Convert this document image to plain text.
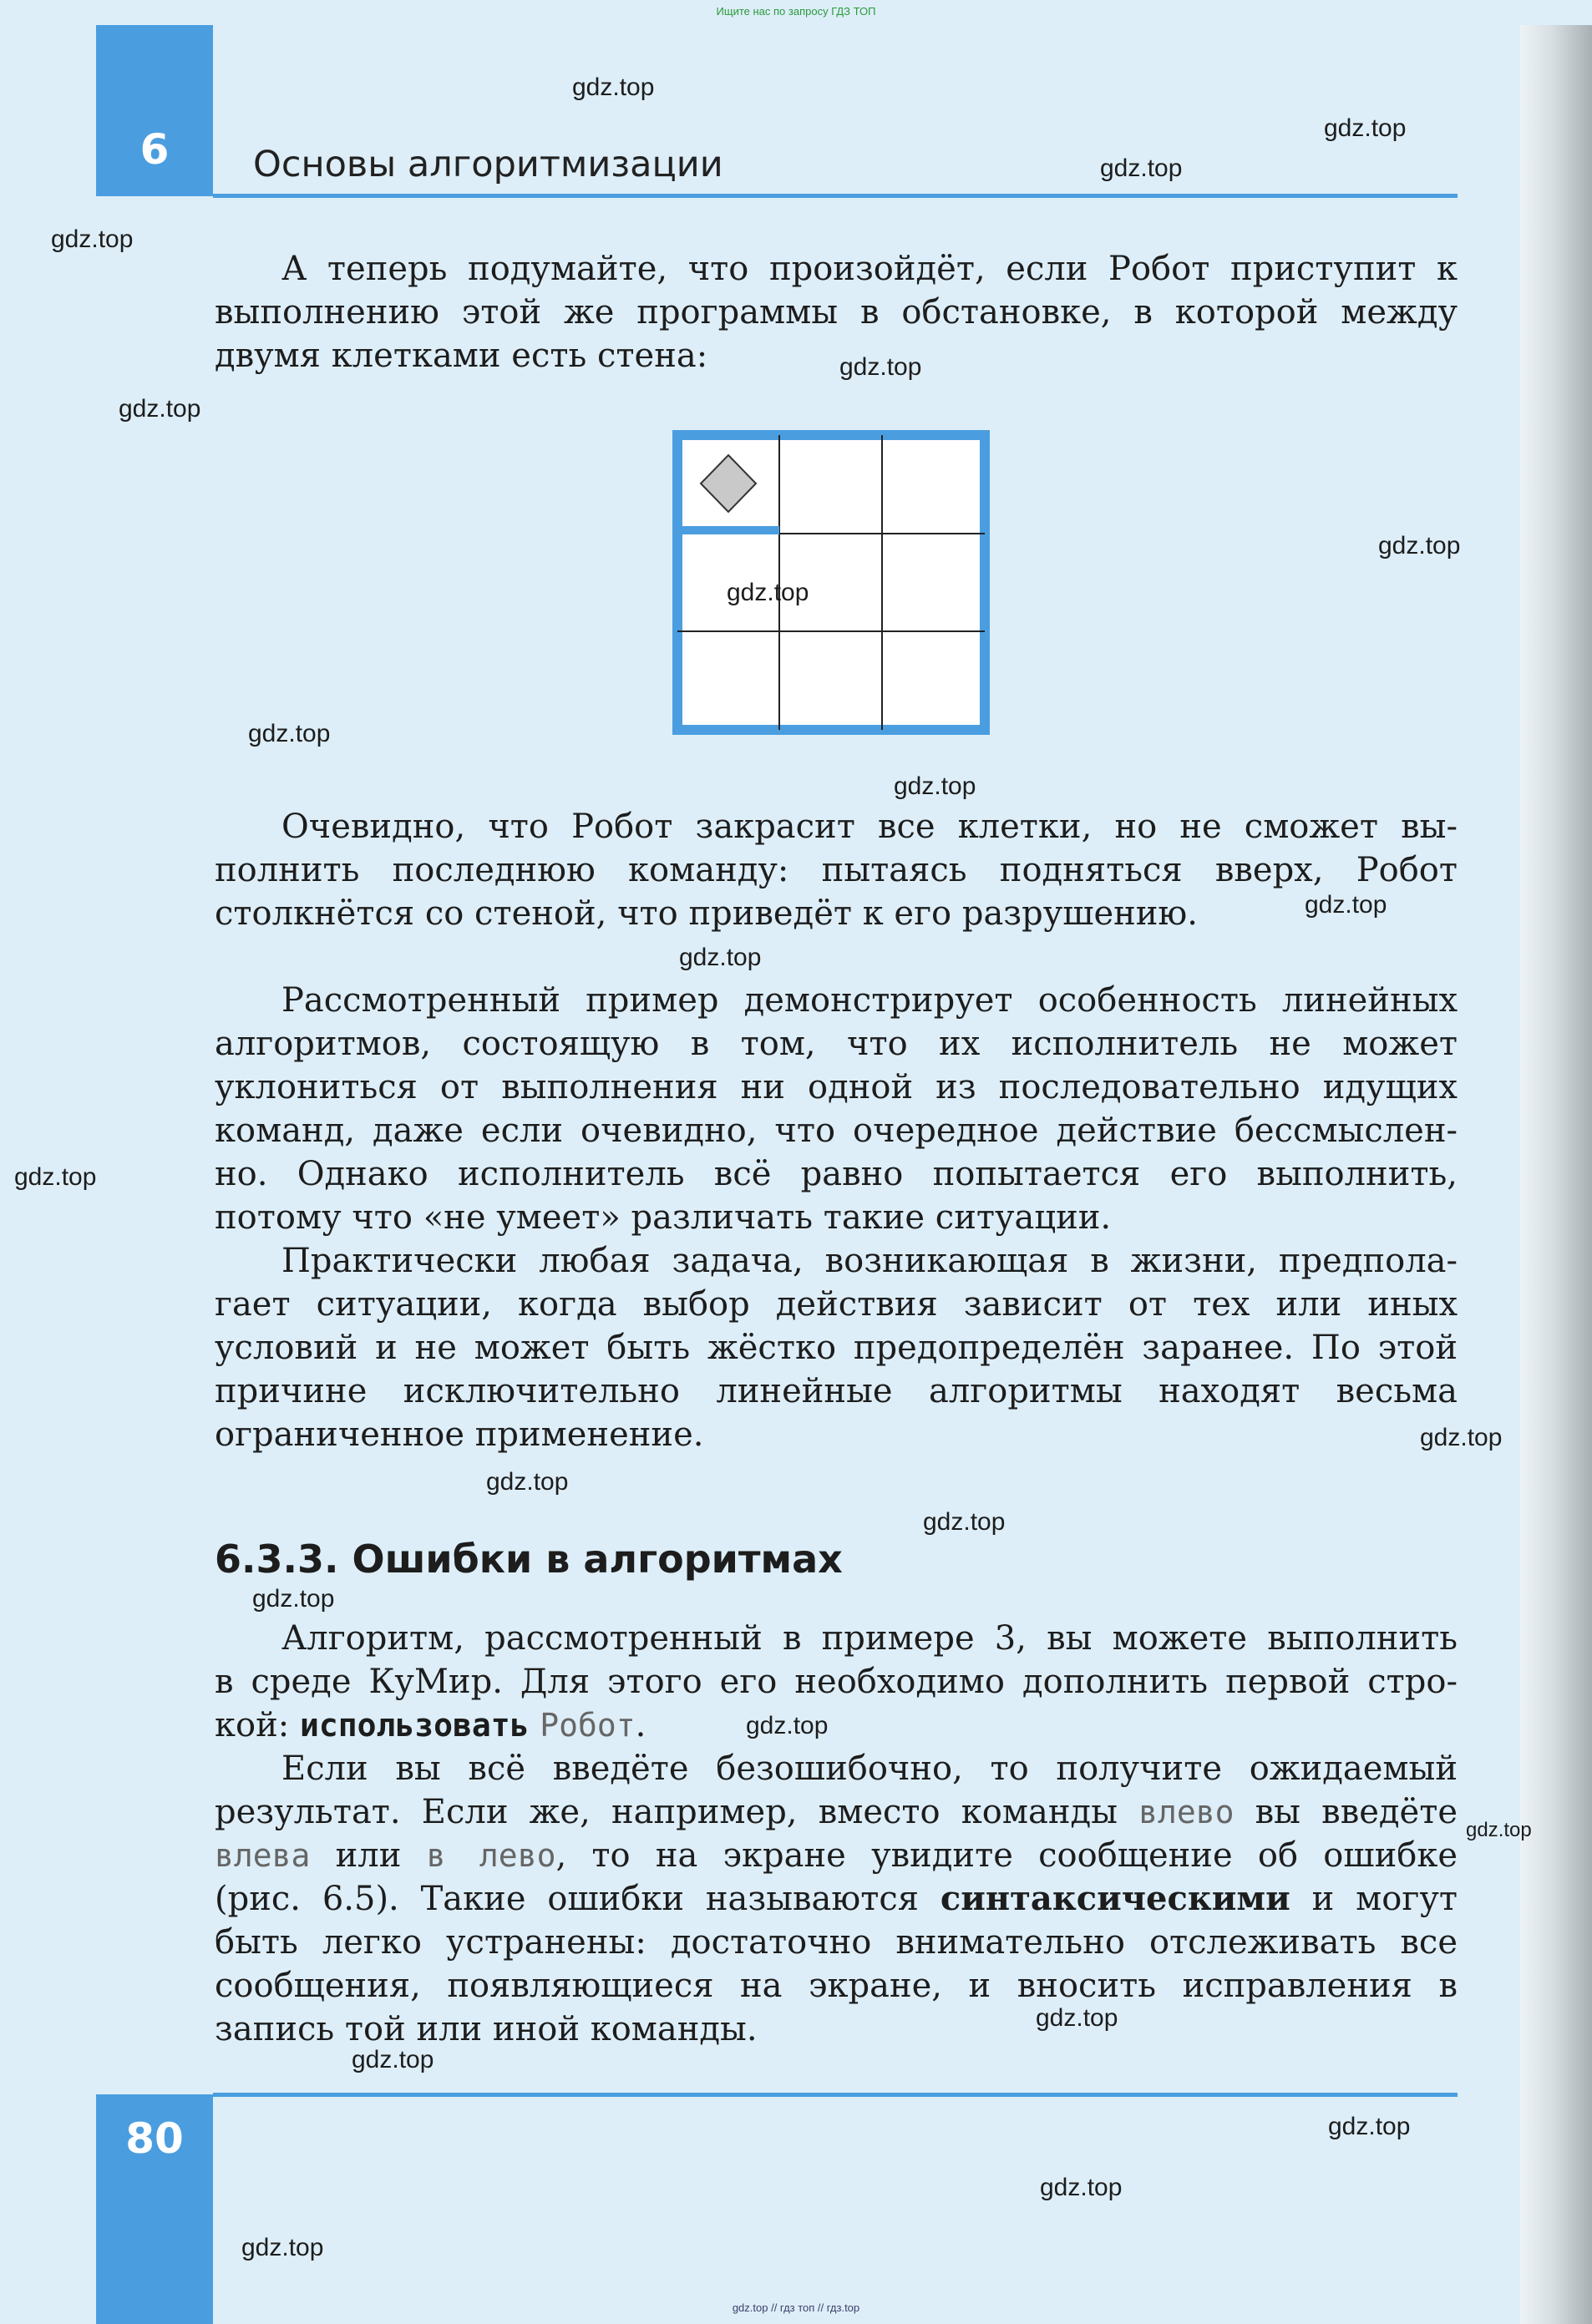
Ищите нас по запросу ГДЗ ТОП
6	Основы алгоритмизации
А теперь подумайте, что произойдёт, если Робот приступит к
выполнению этой же программы в обстановке, в которой между
двумя клетками есть стена:
Очевидно, что Робот закрасит все клетки, но не сможет вы-
полнить последнюю команду: пытаясь подняться вверх, Робот
столкнётся со стеной, что приведёт к его разрушению.
Рассмотренный пример демонстрирует особенность линейных
алгоритмов, состоящую в том, что их исполнитель не может
уклониться от выполнения ни одной из последовательно идущих
команд, даже если очевидно, что очередное действие бессмыслен-
но. Однако исполнитель всё равно попытается его выполнить,
потому что «не умеет» различать такие ситуации.
Практически любая задача, возникающая в жизни, предпола-
гает ситуации, когда выбор действия зависит от тех или иных
условий и не может быть жёстко предопределён заранее. По этой
причине исключительно линейные алгоритмы находят весьма
ограниченное применение.
6.3.3. Ошибки в алгоритмах
Алгоритм, рассмотренный в примере 3, вы можете выполнить
в среде КуМир. Для этого его необходимо дополнить первой стро-
кой: использовать Робот.
Если вы всё введёте безошибочно, то получите ожидаемый
результат. Если же, например, вместо команды влево вы введёте
влева или в лево, то на экране увидите сообщение об ошибке
(рис. 6.5). Такие ошибки называются синтаксическими и могут
быть легко устранены: достаточно внимательно отслеживать все
сообщения, появляющиеся на экране, и вносить исправления в
запись той или иной команды.
80
gdz.top // гдз топ // гдз.top
gdz.top
gdz.top
gdz.top
gdz.top
gdz.top
gdz.top
gdz.top
gdz.top
gdz.top
gdz.top
gdz.top
gdz.top
gdz.top
gdz.top
gdz.top
gdz.top
gdz.top
gdz.top
gdz.top
gdz.top
gdz.top
gdz.top
gdz.top
gdz.top
